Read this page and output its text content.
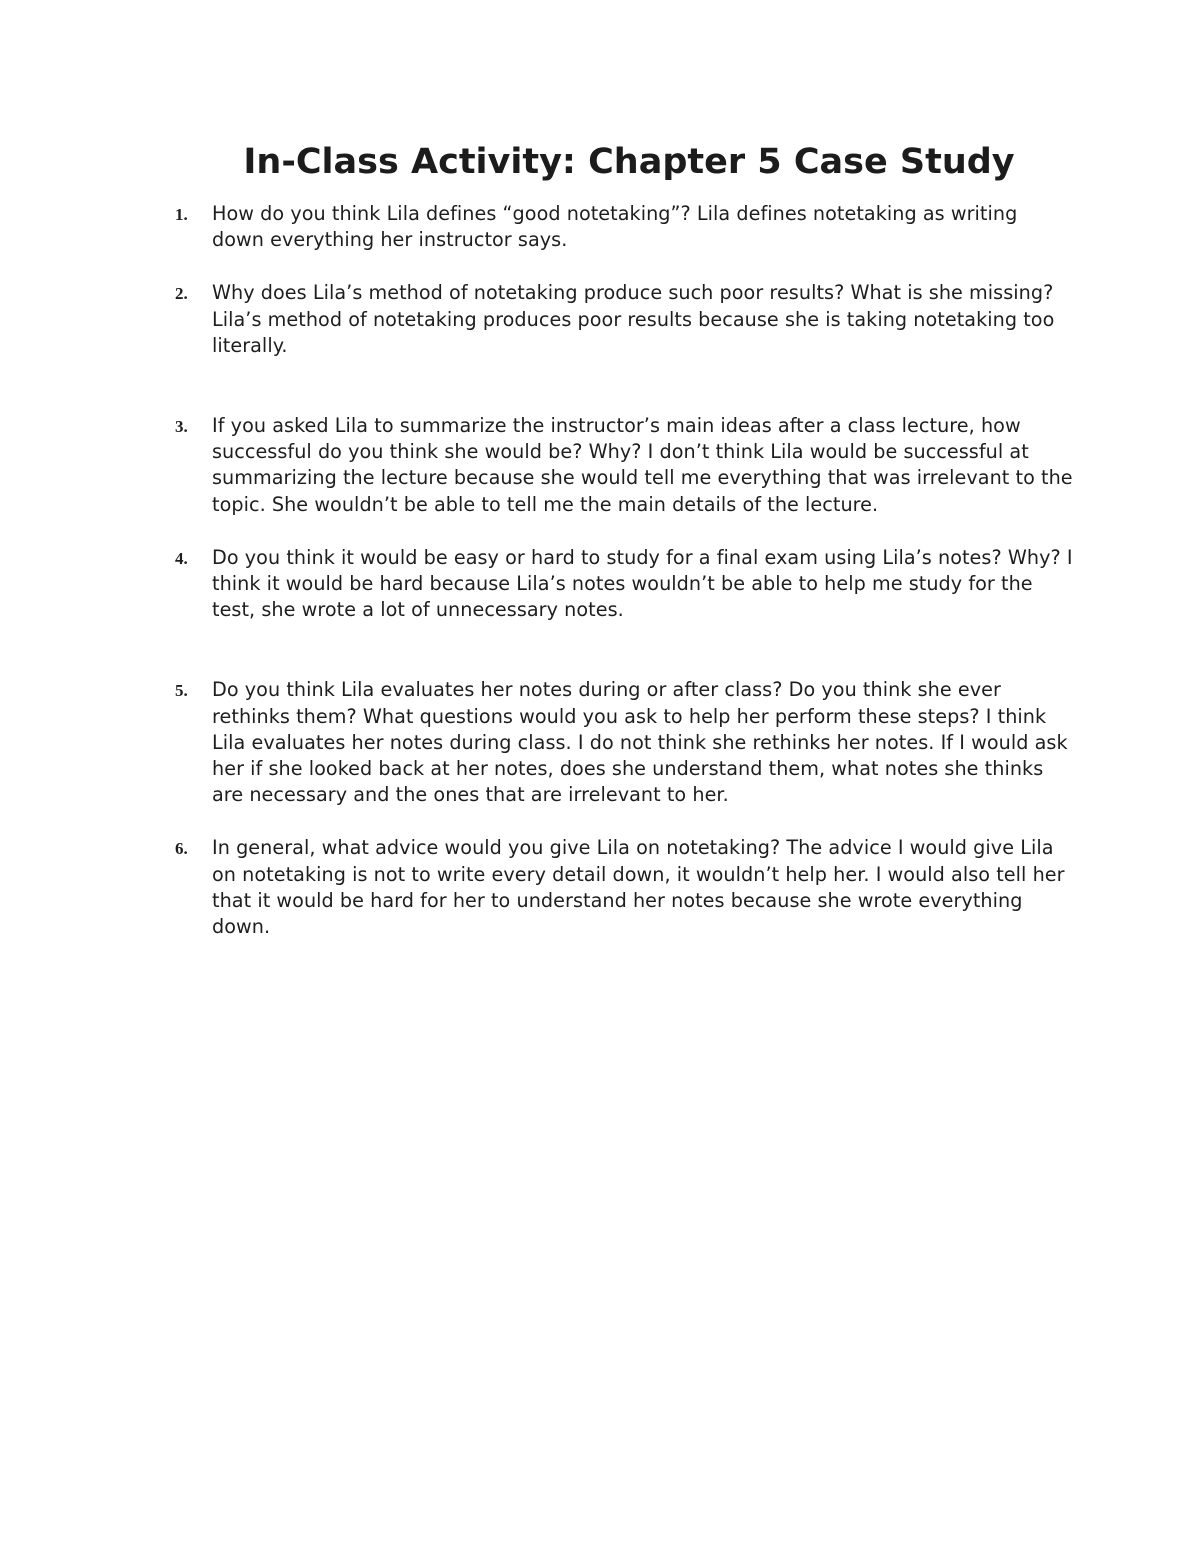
In-Class Activity: Chapter 5 Case Study
1. How do you think Lila defines “good notetaking”? Lila defines notetaking as writing down everything her instructor says.
2. Why does Lila’s method of notetaking produce such poor results? What is she missing? Lila’s method of notetaking produces poor results because she is taking notetaking too literally.
3. If you asked Lila to summarize the instructor’s main ideas after a class lecture, how successful do you think she would be? Why? I don’t think Lila would be successful at summarizing the lecture because she would tell me everything that was irrelevant to the topic. She wouldn’t be able to tell me the main details of the lecture.
4. Do you think it would be easy or hard to study for a final exam using Lila’s notes? Why? I think it would be hard because Lila’s notes wouldn’t be able to help me study for the test, she wrote a lot of unnecessary notes.
5. Do you think Lila evaluates her notes during or after class? Do you think she ever rethinks them? What questions would you ask to help her perform these steps? I think Lila evaluates her notes during class. I do not think she rethinks her notes. If I would ask her if she looked back at her notes, does she understand them, what notes she thinks are necessary and the ones that are irrelevant to her.
6. In general, what advice would you give Lila on notetaking? The advice I would give Lila on notetaking is not to write every detail down, it wouldn’t help her. I would also tell her that it would be hard for her to understand her notes because she wrote everything down.
